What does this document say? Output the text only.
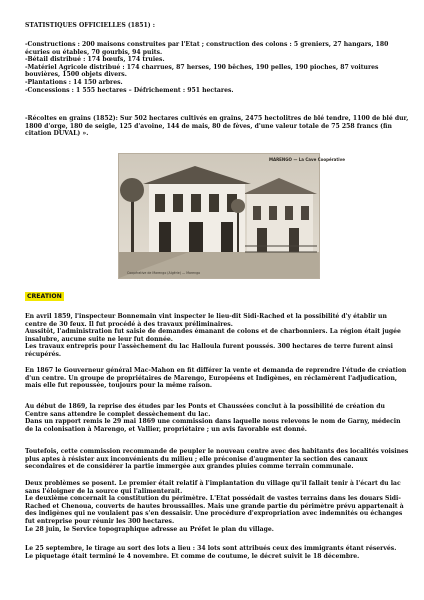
STATISTIQUES OFFICIELLES (1851) :
-Constructions : 200 maisons construites par l'Etat ; construction des colons : 5 greniers, 27 hangars, 180 écuries ou étables, 70 gourbis, 94 puits.
-Bétail distribué : 174 bœufs, 174 truies.
-Matériel Agricole distribué : 174 charrues, 87 herses, 190 bêches, 190 pelles, 190 pioches, 87 voitures bouvières, 1500 objets divers.
-Plantations : 14 150 arbres.
-Concessions : 1 555 hectares – Défrichement : 951 hectares.
-Récoltes en grains (1852): Sur 502 hectares cultivés en grains, 2475 hectolitres de blé tendre, 1100 de blé dur, 1800 d'orge, 180 de seigle, 125 d'avoine, 144 de mais, 80 de fèves, d'une valeur totale de 75 258 francs (fin citation DUVAL) ».
MARENGO — La Cave Coopérative
Coopérative de Marengo (Algérie) — Marengo
CREATION
En avril 1859, l'inspecteur Bonnemain vint inspecter le lieu-dit Sidi-Rached et la possibilité d'y établir un centre de 30 feux. Il fut procédé à des travaux préliminaires.
Aussitôt, l'administration fut saisie de demandes émanant de colons et de charbonniers. La région était jugée insalubre, aucune suite ne leur fut donnée.
Les travaux entrepris pour l'assèchement du lac Halloula furent poussés. 300 hectares de terre furent ainsi récupérés.
En 1867 le Gouverneur général Mac-Mahon en fit différer la vente et demanda de reprendre l'étude de création d'un centre. Un groupe de propriétaires de Marengo, Européens et Indigènes, en réclamèrent l'adjudication, mais elle fut repoussée, toujours pour la même raison.
Au début de 1869, la reprise des études par les Ponts et Chaussées conclut à la possibilité de création du Centre sans attendre le complet dessèchement du lac.
Dans un rapport remis le 29 mai 1869 une commission dans laquelle nous relevons le nom de Garny, médecin de la colonisation à Marengo, et Vallier, propriétaire ; un avis favorable est donné.
Toutefois, cette commission recommande de peupler le nouveau centre avec des habitants des localités voisines plus aptes à résister aux inconvénients du milieu ; elle préconise d'augmenter la section des canaux secondaires et de considérer la partie immergée aux grandes pluies comme terrain communale.
Deux problèmes se posent. Le premier était relatif à l'implantation du village qu'il fallait tenir à l'écart du lac sans l'éloigner de la source qui l'alimenterait.
Le deuxième concernait la constitution du périmètre. L'Etat possédait de vastes terrains dans les douars Sidi-Rached et Chenoua, couverts de hautes broussailles. Mais une grande partie du périmètre prévu appartenait à des indigènes qui ne voulaient pas s'en dessaisir. Une procédure d'expropriation avec indemnités ou échanges fut entreprise pour réunir les 300 hectares.
Le 28 juin, le Service topographique adresse au Préfet le plan du village.
Le 25 septembre, le tirage au sort des lots a lieu : 34 lots sont attribués ceux des immigrants étant réservés.
Le piquetage était terminé le 4 novembre. Et comme de coutume, le décret suivit le 18 décembre.
